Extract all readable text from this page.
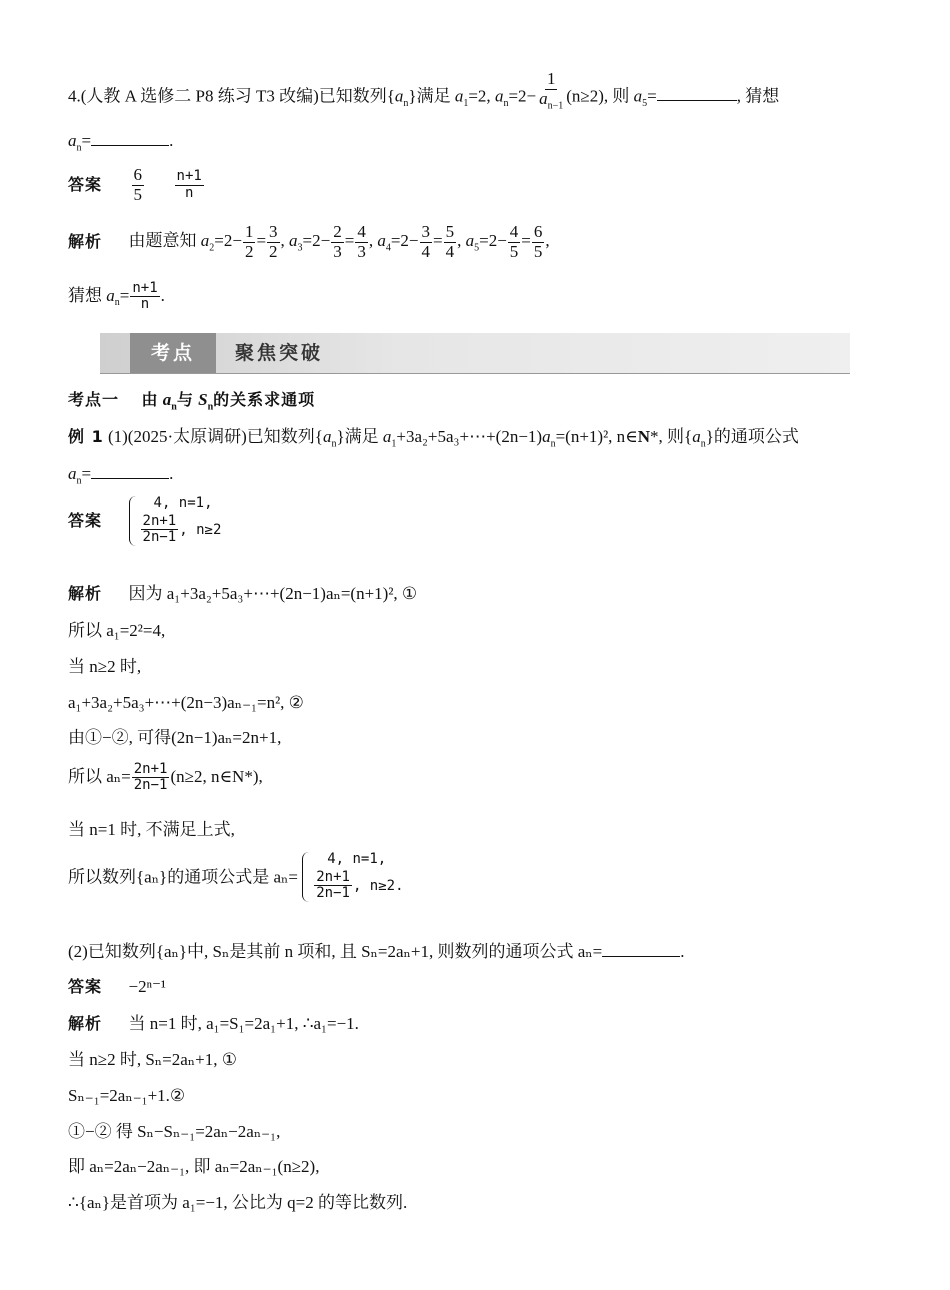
4.(人教 A 选修二 P8 练习 T3 改编)已知数列$\{a_n\}$满足 $a_1=2$, $a_n=2- \frac{1}{a_{n-1}} (n\ge 2)$, 则 $a_5=$	, 猜想
$a_n=$	.
答案 $\frac{6}{5}$
$\frac{n+1}{n}$
解析 由题意知 $a_2=2- \frac{1}{2} = \frac{3}{2}$ , $a_3=2- \frac{2}{3} = \frac{4}{3}$ , $a_4=2- \frac{3}{4} = \frac{5}{4}$ , $a_5=2- \frac{4}{5} = \frac{6}{5}$ ,
猜想 $a_n= \frac{n+1}{n}$ .
考点	聚焦突破
考点一 由 $a_n$与 $S_n$的关系求通项
例 1 (1)(2025·太原调研)已知数列$\{a_n\}$满足 $a_1+3a_2+5a_3+\cdots+(2n-1)a_n=(n+1)^2$, n∈N*, 则$\{a_n\}$的通项公式
$a_n=$	.
答案
4, n=1,
$\frac{2n+1}{2n-1}$ , n≥2
解析 因为 a₁+3a₂+5a₃+⋯+(2n−1)aₙ=(n+1)², ①
所以 a₁=2²=4,
当 n≥2 时,
a₁+3a₂+5a₃+⋯+(2n−3)aₙ₋₁=n², ②
由①−②, 可得(2n−1)aₙ=2n+1,
所以 $a_n= \frac{2n+1}{2n-1} (n\ge 2$, n∈N*),
当 n=1 时, 不满足上式,
所以数列{aₙ}的通项公式是 aₙ=
4, n=1,
$\frac{2n+1}{2n-1}$ , n≥2.
(2)已知数列{aₙ}中, Sₙ是其前 n 项和, 且 Sₙ=2aₙ+1, 则数列的通项公式 aₙ=	.
答案 −2ⁿ⁻¹
解析 当 n=1 时, a₁=S₁=2a₁+1, ∴a₁=−1.
当 n≥2 时, Sₙ=2aₙ+1, ①
Sₙ₋₁=2aₙ₋₁+1.②
①−② 得 Sₙ−Sₙ₋₁=2aₙ−2aₙ₋₁,
即 aₙ=2aₙ−2aₙ₋₁, 即 aₙ=2aₙ₋₁(n≥2),
∴{aₙ}是首项为 a₁=−1, 公比为 q=2 的等比数列.
